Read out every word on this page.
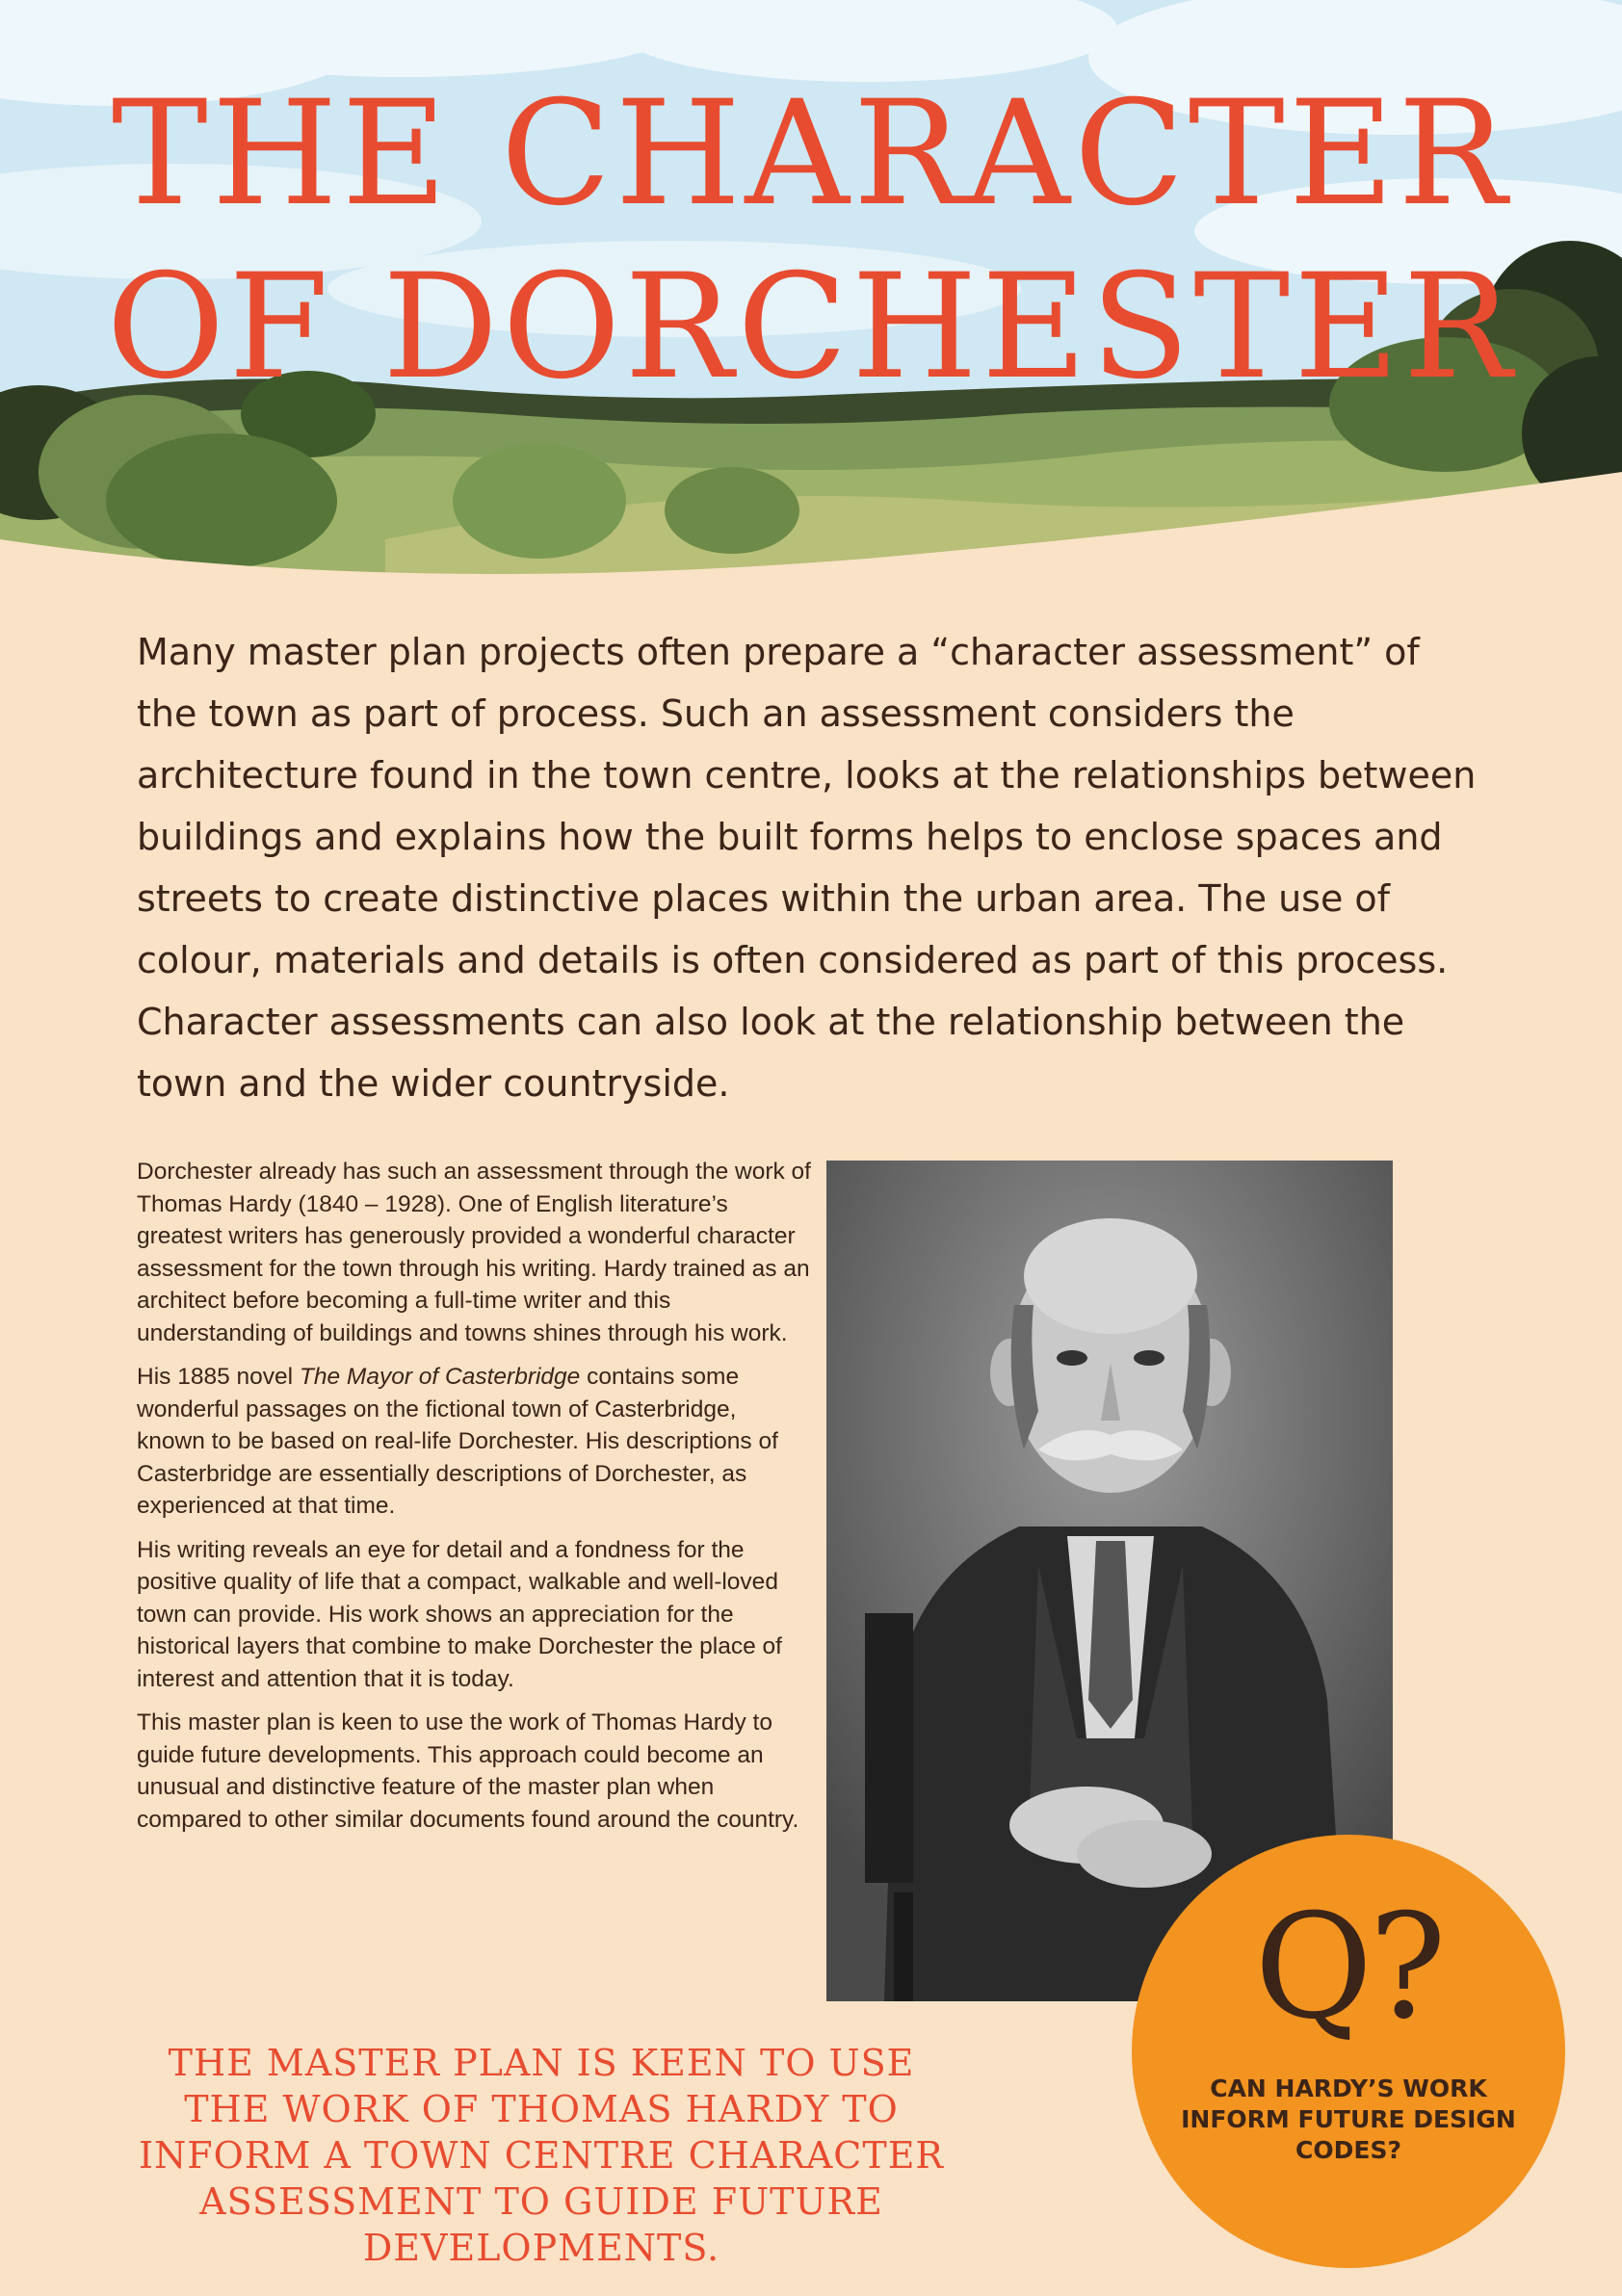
THE CHARACTER
OF DORCHESTER

Many master plan projects often prepare a “character assessment” of the town as part of process. Such an assessment considers the architecture found in the town centre, looks at the relationships between buildings and explains how the built forms helps to enclose spaces and streets to create distinctive places within the urban area. The use of colour, materials and details is often considered as part of this process. Character assessments can also look at the relationship between the town and the wider countryside.

Dorchester already has such an assessment through the work of Thomas Hardy (1840 – 1928). One of English literature’s greatest writers has generously provided a wonderful character assessment for the town through his writing. Hardy trained as an architect before becoming a full-time writer and this understanding of buildings and towns shines through his work.

His 1885 novel The Mayor of Casterbridge contains some wonderful passages on the fictional town of Casterbridge, known to be based on real-life Dorchester. His descriptions of Casterbridge are essentially descriptions of Dorchester, as experienced at that time.

His writing reveals an eye for detail and a fondness for the positive quality of life that a compact, walkable and well-loved town can provide. His work shows an appreciation for the historical layers that combine to make Dorchester the place of interest and attention that it is today.

This master plan is keen to use the work of Thomas Hardy to guide future developments. This approach could become an unusual and distinctive feature of the master plan when compared to other similar documents found around the country.

THE MASTER PLAN IS KEEN TO USE THE WORK OF THOMAS HARDY TO INFORM A TOWN CENTRE CHARACTER ASSESSMENT TO GUIDE FUTURE DEVELOPMENTS.

Q?
CAN HARDY’S WORK INFORM FUTURE DESIGN CODES?
